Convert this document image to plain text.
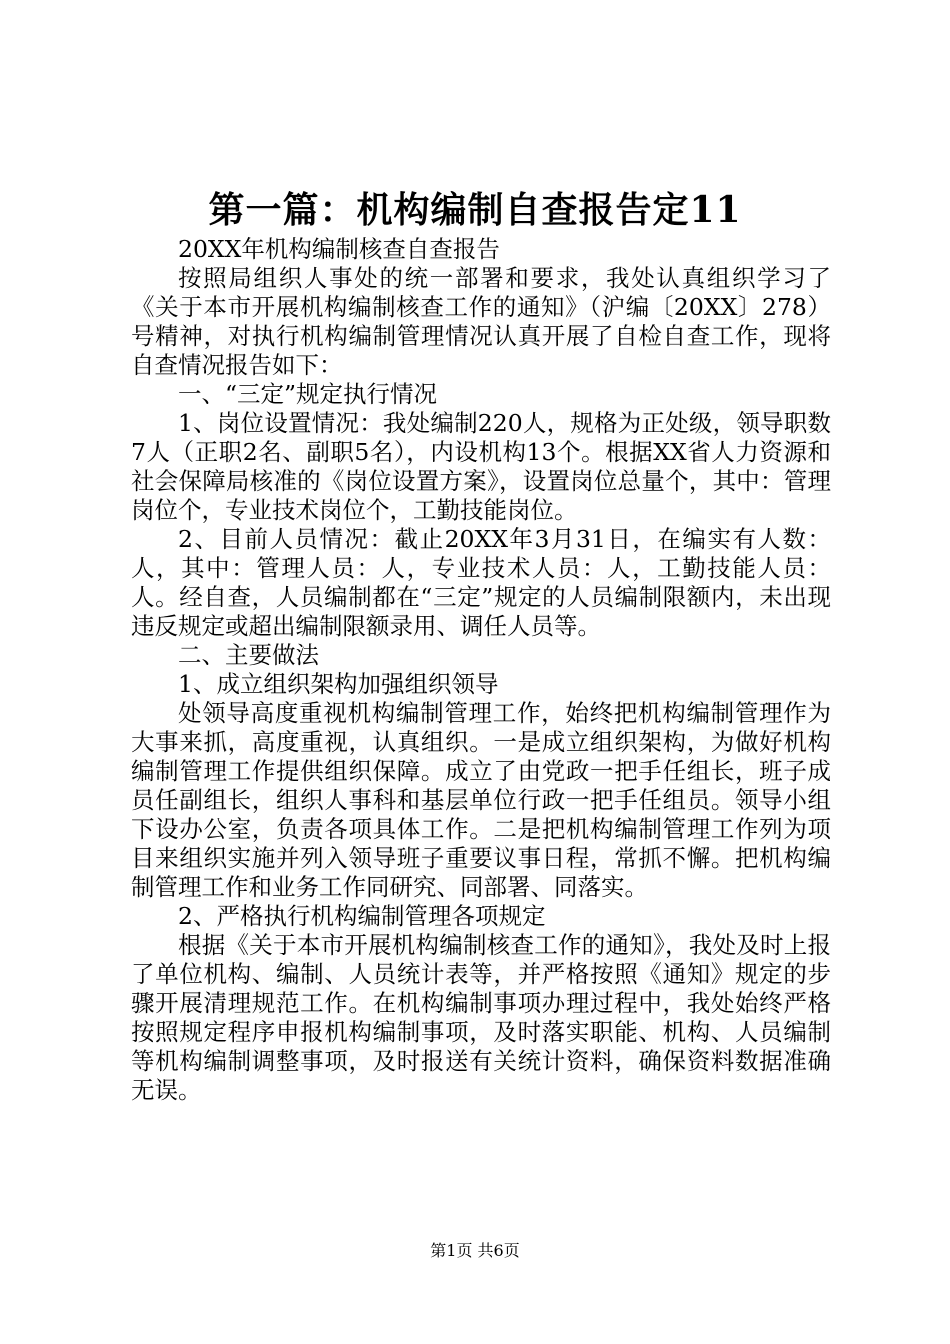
第一篇：机构编制自查报告定11

20XX年机构编制核查自查报告

按照局组织人事处的统一部署和要求，我处认真组织学习了《关于本市开展机构编制核查工作的通知》（沪编〔20XX〕278）号精神，对执行机构编制管理情况认真开展了自检自查工作，现将自查情况报告如下：

一、“三定”规定执行情况

1、岗位设置情况：我处编制220人，规格为正处级，领导职数7人（正职2名、副职5名），内设机构13个。根据XX省人力资源和社会保障局核准的《岗位设置方案》，设置岗位总量个，其中：管理岗位个，专业技术岗位个，工勤技能岗位。

2、目前人员情况：截止20XX年3月31日，在编实有人数：人，其中：管理人员：人，专业技术人员：人，工勤技能人员：人。经自查，人员编制都在“三定”规定的人员编制限额内，未出现违反规定或超出编制限额录用、调任人员等。

二、主要做法

1、成立组织架构加强组织领导

处领导高度重视机构编制管理工作，始终把机构编制管理作为大事来抓，高度重视，认真组织。一是成立组织架构，为做好机构编制管理工作提供组织保障。成立了由党政一把手任组长，班子成员任副组长，组织人事科和基层单位行政一把手任组员。领导小组下设办公室，负责各项具体工作。二是把机构编制管理工作列为项目来组织实施并列入领导班子重要议事日程，常抓不懈。把机构编制管理工作和业务工作同研究、同部署、同落实。

2、严格执行机构编制管理各项规定

根据《关于本市开展机构编制核查工作的通知》，我处及时上报了单位机构、编制、人员统计表等，并严格按照《通知》规定的步骤开展清理规范工作。在机构编制事项办理过程中，我处始终严格按照规定程序申报机构编制事项，及时落实职能、机构、人员编制等机构编制调整事项，及时报送有关统计资料，确保资料数据准确无误。

第1页 共6页
